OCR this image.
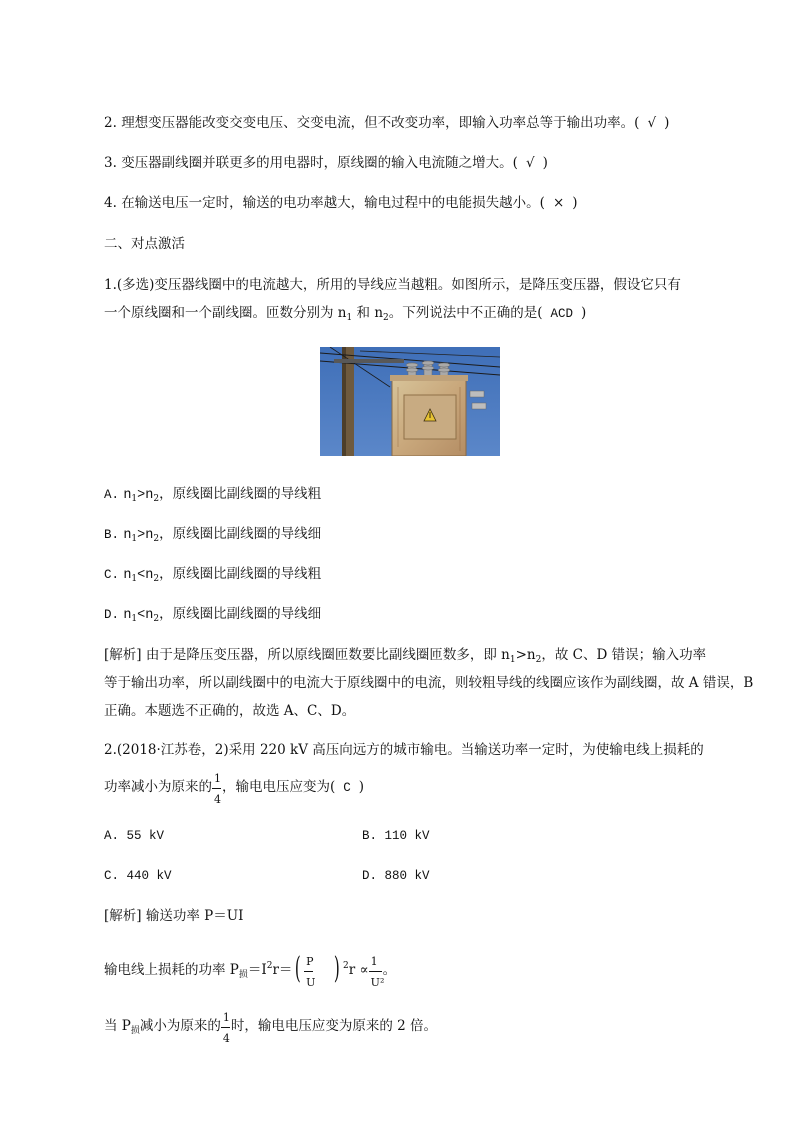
2. 理想变压器能改变交变电压、交变电流，但不改变功率，即输入功率总等于输出功率。( √ )
3. 变压器副线圈并联更多的用电器时，原线圈的输入电流随之增大。( √ )
4. 在输送电压一定时，输送的电功率越大，输电过程中的电能损失越小。( × )
二、对点激活
1.(多选)变压器线圈中的电流越大，所用的导线应当越粗。如图所示，是降压变压器，假设它只有
一个原线圈和一个副线圈。匝数分别为 $n_1$ 和 $n_2$。下列说法中不正确的是( ACD )
A. $n_1>n_2$，原线圈比副线圈的导线粗
B. $n_1>n_2$，原线圈比副线圈的导线细
C. $n_1<n_2$，原线圈比副线圈的导线粗
D. $n_1<n_2$，原线圈比副线圈的导线细
[解析] 由于是降压变压器，所以原线圈匝数要比副线圈匝数多，即 $n_1>n_2$，故 C、D 错误；输入功率
等于输出功率，所以副线圈中的电流大于原线圈中的电流，则较粗导线的线圈应该作为副线圈，故 A 错误，B
正确。本题选不正确的，故选 A、C、D。
2.(2018·江苏卷，2)采用 220 kV 高压向远方的城市输电。当输送功率一定时，为使输电线上损耗的
功率减小为原来的 $\frac{1}{4}$ ，输电电压应变为( C )
A. 55 kV	B. 110 kV
C. 440 kV	D. 880 kV
[解析] 输送功率 P＝UI
输电线上损耗的功率 $P_损=I^2r=( \frac{P}{U}$ ) $^2r \propto \frac{1}{\text{U²}}$ 。
当 $P_损$减小为原来的 $\frac{1}{4}$ 时，输电电压应变为原来的 2 倍。
